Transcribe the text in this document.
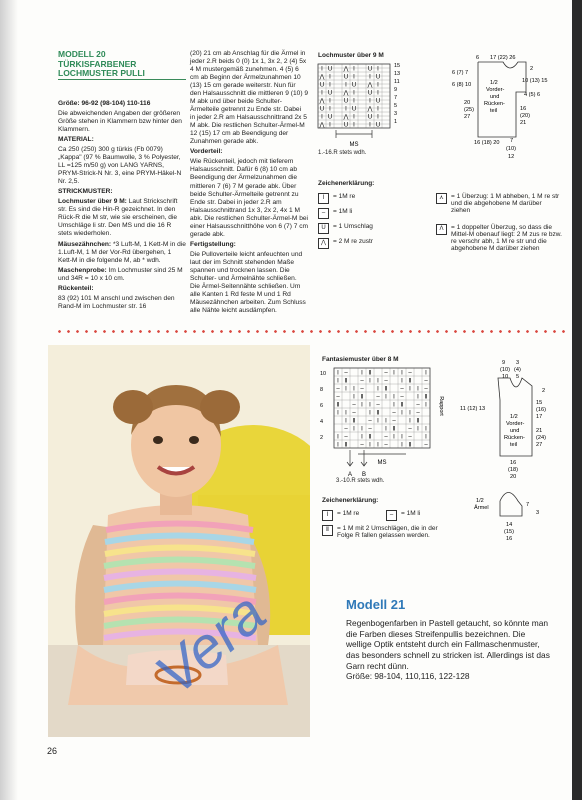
MODELL 20
TÜRKISFARBENER
LOCHMUSTER PULLI

Größe: 96-92 (98-104) 110-116

Die abweichenden Angaben der größeren Größe stehen in Klammern bzw hinter den Klammern.

MATERIAL:

Ca 250 (250) 300 g türkis (Fb 0079) „Kappa" (97 % Baumwolle, 3 % Polyester, LL =125 m/50 g) von LANG YARNS, PRYM-Strick-N Nr. 3, eine PRYM-Häkel-N Nr. 2,5.

STRICKMUSTER:

Lochmuster über 9 M: Laut Strickschrift str. Es sind die Hin-R gezeichnet. In den Rück-R die M str, wie sie erscheinen, die Umschläge li str. Den MS und die 16 R stets wiederholen.

Mäusezähnchen: *3 Luft-M, 1 Kett-M in die 1.Luft-M, 1 M der Vor-Rd übergehen, 1 Kett-M in die folgende M, ab * wdh.

Maschenprobe: Im Lochmuster sind 25 M und 34R = 10 x 10 cm.

Rückenteil:

83 (92) 101 M anschl und zwischen den Rand-M im Lochmuster str. 16

(20) 21 cm ab Anschlag für die Ärmel in jeder 2.R beids 0 (0) 1x 1, 3x 2, 2 (4) 5x 4 M mustergemäß zunehmen. 4 (5) 6 cm ab Beginn der Ärmelzunahmen 10 (13) 15 cm gerade weiterstr. Nun für den Halsausschnitt die mittleren 9 (10) 9 M abk und über beide Schulter-Ärmelteile getrennt zu Ende str. Dabei in jeder 2.R am Halsausschnittrand 2x 5 M abk. Die restlichen Schulter-Ärmel-M 12 (15) 17 cm ab Beendigung der Zunahmen gerade abk.

Vorderteil:

Wie Rückenteil, jedoch mit tieferem Halsausschnitt. Dafür 6 (8) 10 cm ab Beendigung der Ärmelzunahmen die mittleren 7 (6) 7 M gerade abk. Über beide Schulter-Ärmelteile getrennt zu Ende str. Dabei in jeder 2.R am Halsausschnittrand 1x 3, 2x 2, 4x 1 M abk. Die restlichen Schulter-Ärmel-M bei einer Halsausschnitthöhe von 6 (7) 7 cm gerade abk.

Fertigstellung:

Die Pulloverteile leicht anfeuchten und laut der im Schnitt stehenden Maße spannen und trocknen lassen. Die Schulter- und Ärmelnähte schließen. Die Ärmel-Seitennähte schließen. Um alle Kanten 1 Rd feste M und 1 Rd Mäusezähnchen arbeiten. Zum Schluss alle Nähte leicht ausdämpfen.

Lochmuster über 9 M
I U ⋀ I U I
⋀ I U I I U
U I I U ⋀ I
I U ⋀ I U I
⋀ I U I I U
U I I U ⋀ I
I U ⋀ I U I
⋀ I U I I U
15
13
11
9
7
5
3
1
MS
1.-16.R stets wdh.
6 17 (22) 26
6 (7) 7
6 (8) 10
2
10 (13) 15
4 (5) 6
20
(25)
27
16
(20)
21
1/2
Vorder-
und
Rücken-
teil
16 (18) 20 7
(10)
12
Zeichenerklärung:
I	= 1M re
–	= 1M li
U	= 1 Umschlag
⋀	= 2 M re zustr
⋏	= 1 Überzug: 1 M abheben, 1 M re str und die abgehobene M darüber ziehen
Λ	= 1 doppelter Überzug, so dass die Mittel-M obenauf liegt: 2 M zus re bzw. re verschr abh, 1 M re str und die abgehobene M darüber ziehen
Vera
Fantasiemuster über 8 M
I – I Ⅱ – I I – I
I Ⅱ – I I – I Ⅱ –
– I I – I Ⅱ – I I –
– I Ⅱ – I I – I Ⅱ
Ⅱ – I I – I Ⅱ – I
I I – I Ⅱ – I I –
I Ⅱ – I I – I Ⅱ
– I I – I Ⅱ – I I
I – I Ⅱ – I I – I
I Ⅱ – I I – I Ⅱ –
10
8
6
4
2
Rapport
MS
A B
3.-10.R stets wdh.
9
(10)
10
3
(4)
5
2
15
(16)
17
21
(24)
27
11 (12) 13
1/2
Vorder-
und
Rücken-
teil
16
(18)
20
1/2
Ärmel
3
7
14
(15)
16
Zeichenerklärung:
I	= 1M re	–	= 1M li
Ⅱ	= 1 M mit 2 Umschlägen, die in der Folge R fallen gelassen werden.
Modell 21
Regenbogenfarben in Pastell getaucht, so könnte man die Farben dieses Streifenpullis bezeichnen. Die wellige Optik entsteht durch ein Fallmaschenmuster, das besonders schnell zu stricken ist. Allerdings ist das Garn recht dünn.
Größe: 98-104, 110,116, 122-128
26
